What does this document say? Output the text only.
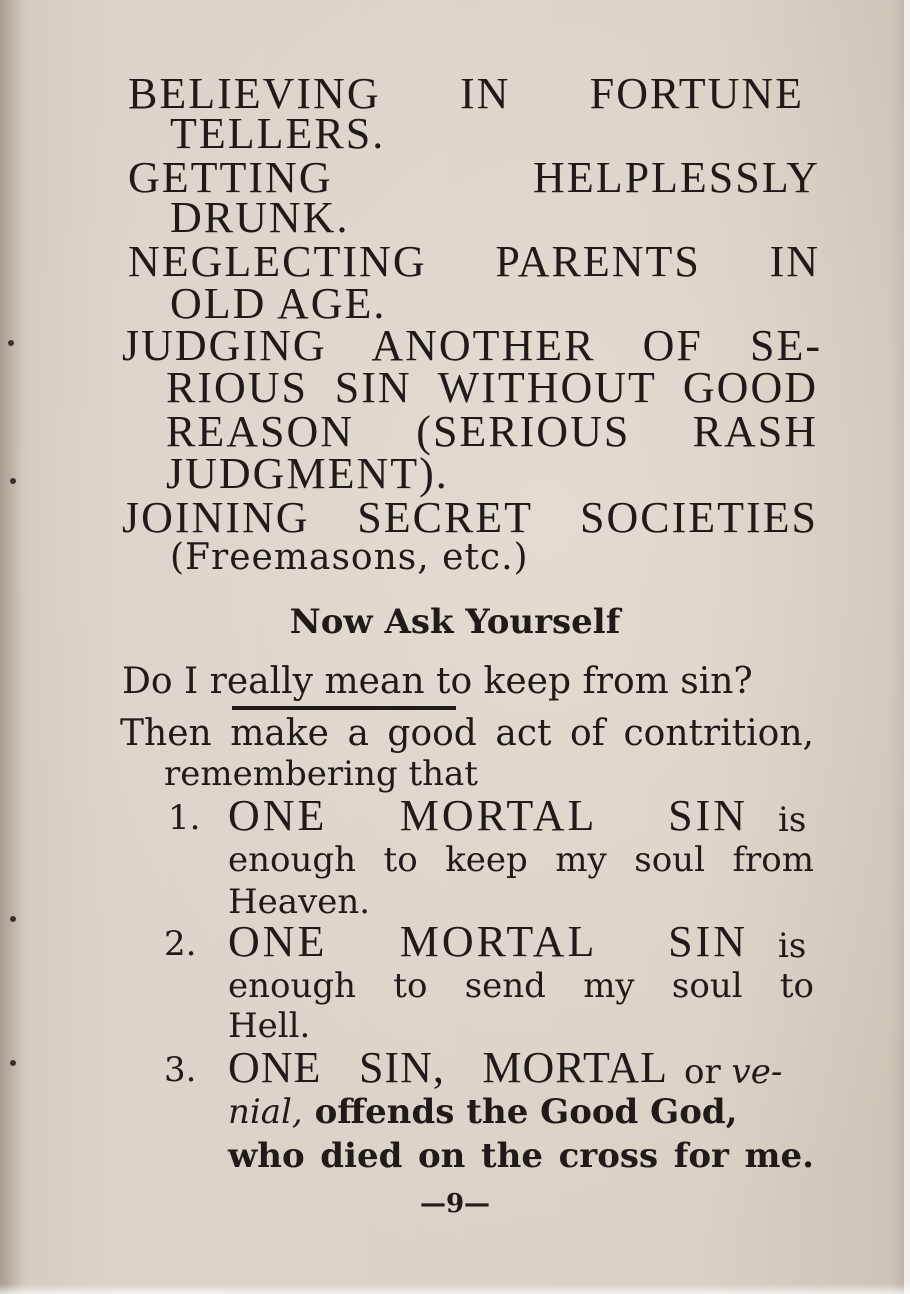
BELIEVING IN FORTUNE
TELLERS.
GETTING HELPLESSLY
DRUNK.
NEGLECTING PARENTS IN
OLD AGE.
JUDGING ANOTHER OF SE-
RIOUS SIN WITHOUT GOOD
REASON (SERIOUS RASH
JUDGMENT).
JOINING SECRET SOCIETIES
(Freemasons, etc.)
Now Ask Yourself
Do I really mean to keep from sin?
Then make a good act of contrition,
remembering that
1. ONE MORTAL SIN is
enough to keep my soul from
Heaven.
2. ONE MORTAL SIN is
enough to send my soul to
Hell.
3. ONE SIN, MORTAL or ve-
nial, offends the Good God,
who died on the cross for me.
—9—
